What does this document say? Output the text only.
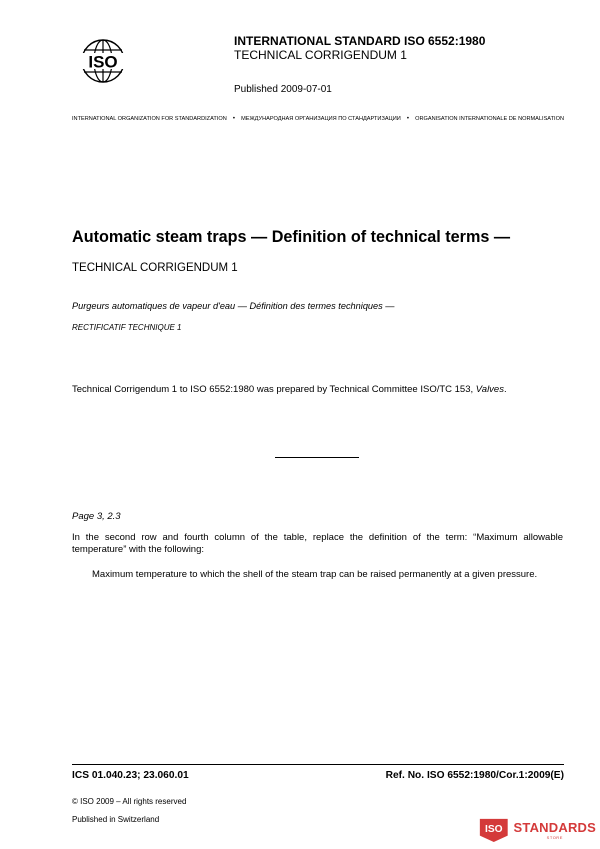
ISO
INTERNATIONAL STANDARD ISO 6552:1980
TECHNICAL CORRIGENDUM 1
Published 2009-07-01
INTERNATIONAL ORGANIZATION FOR STANDARDIZATION • МЕЖДУНАРОДНАЯ ОРГАНИЗАЦИЯ ПО СТАНДАРТИЗАЦИИ • ORGANISATION INTERNATIONALE DE NORMALISATION
Automatic steam traps — Definition of technical terms —
TECHNICAL CORRIGENDUM 1
Purgeurs automatiques de vapeur d'eau — Définition des termes techniques —
RECTIFICATIF TECHNIQUE 1
Technical Corrigendum 1 to ISO 6552:1980 was prepared by Technical Committee ISO/TC 153, Valves.
Page 3, 2.3
In the second row and fourth column of the table, replace the definition of the term: “Maximum allowable temperature” with the following:
Maximum temperature to which the shell of the steam trap can be raised permanently at a given pressure.
ICS 01.040.23; 23.060.01	Ref. No. ISO 6552:1980/Cor.1:2009(E)
© ISO 2009 – All rights reserved
Published in Switzerland
ISO STANDARDS
STORE
